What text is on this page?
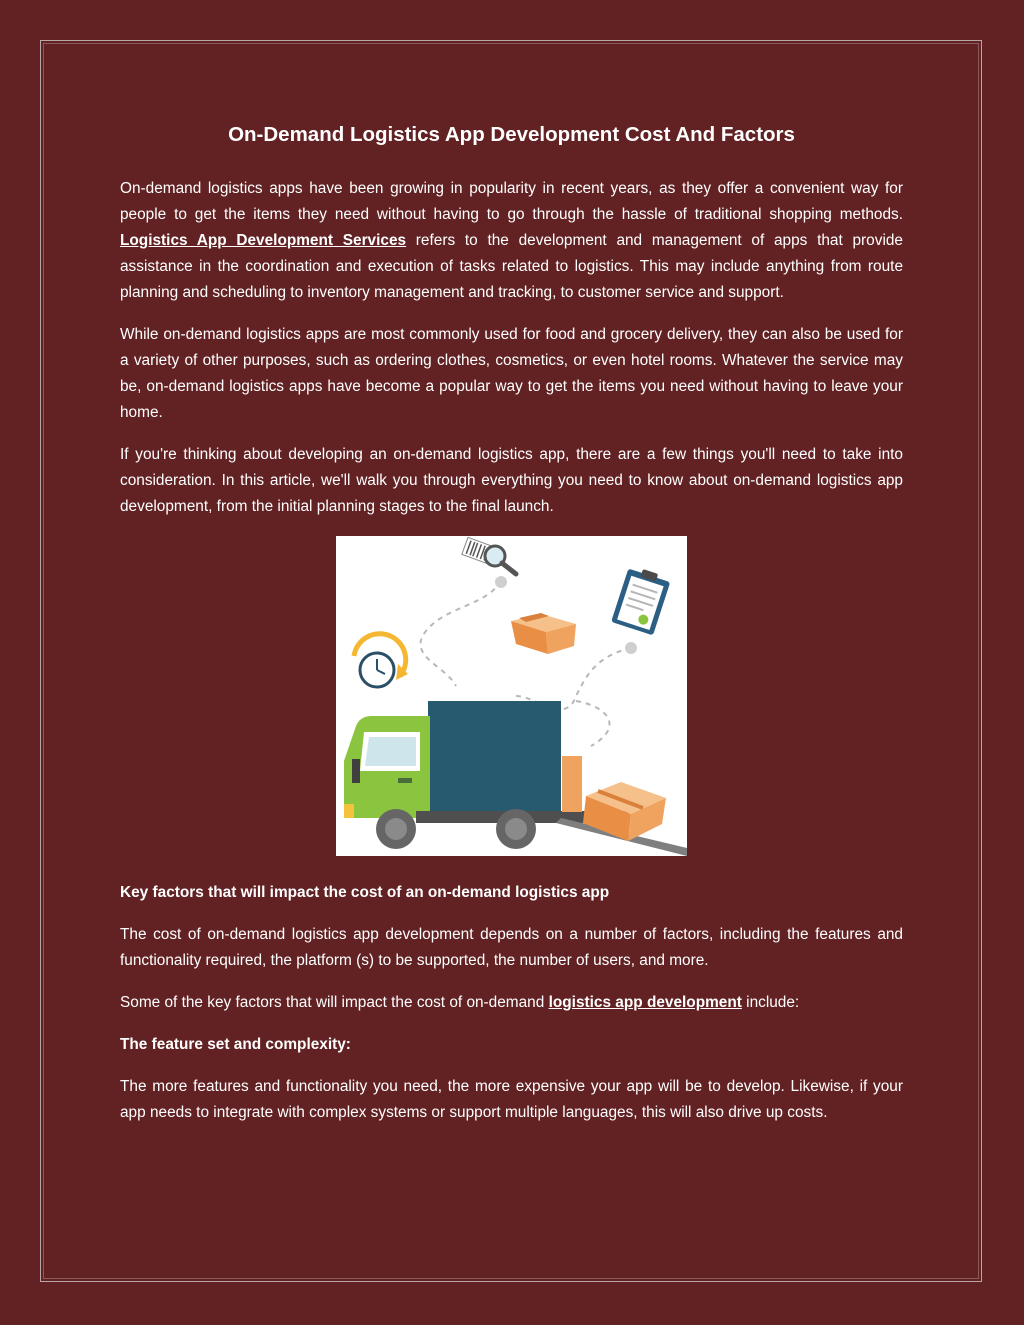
On-Demand Logistics App Development Cost And Factors

On-demand logistics apps have been growing in popularity in recent years, as they offer a convenient way for people to get the items they need without having to go through the hassle of traditional shopping methods. Logistics App Development Services refers to the development and management of apps that provide assistance in the coordination and execution of tasks related to logistics. This may include anything from route planning and scheduling to inventory management and tracking, to customer service and support.

While on-demand logistics apps are most commonly used for food and grocery delivery, they can also be used for a variety of other purposes, such as ordering clothes, cosmetics, or even hotel rooms. Whatever the service may be, on-demand logistics apps have become a popular way to get the items you need without having to leave your home.

If you're thinking about developing an on-demand logistics app, there are a few things you'll need to take into consideration. In this article, we'll walk you through everything you need to know about on-demand logistics app development, from the initial planning stages to the final launch.

Key factors that will impact the cost of an on-demand logistics app

The cost of on-demand logistics app development depends on a number of factors, including the features and functionality required, the platform (s) to be supported, the number of users, and more.

Some of the key factors that will impact the cost of on-demand logistics app development include:

The feature set and complexity:

The more features and functionality you need, the more expensive your app will be to develop. Likewise, if your app needs to integrate with complex systems or support multiple languages, this will also drive up costs.
